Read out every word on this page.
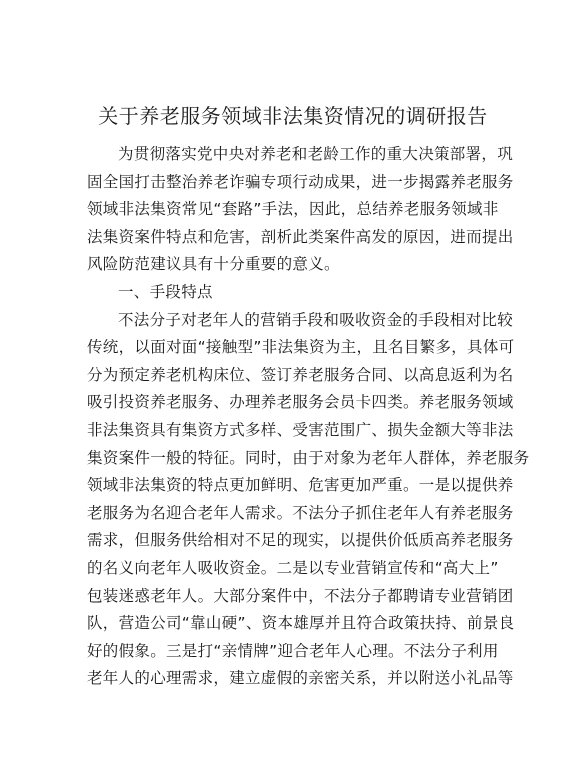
关于养老服务领域非法集资情况的调研报告
为贯彻落实党中央对养老和老龄工作的重大决策部署，巩
固全国打击整治养老诈骗专项行动成果，进一步揭露养老服务
领域非法集资常见“套路”手法，因此，总结养老服务领域非
法集资案件特点和危害，剖析此类案件高发的原因，进而提出
风险防范建议具有十分重要的意义。
一、手段特点
不法分子对老年人的营销手段和吸收资金的手段相对比较
传统，以面对面“接触型”非法集资为主，且名目繁多，具体可
分为预定养老机构床位、签订养老服务合同、以高息返利为名
吸引投资养老服务、办理养老服务会员卡四类。养老服务领域
非法集资具有集资方式多样、受害范围广、损失金额大等非法
集资案件一般的特征。同时，由于对象为老年人群体，养老服务
领域非法集资的特点更加鲜明、危害更加严重。一是以提供养
老服务为名迎合老年人需求。不法分子抓住老年人有养老服务
需求，但服务供给相对不足的现实，以提供价低质高养老服务
的名义向老年人吸收资金。二是以专业营销宣传和“高大上”
包装迷惑老年人。大部分案件中，不法分子都聘请专业营销团
队，营造公司“靠山硬”、资本雄厚并且符合政策扶持、前景良
好的假象。三是打“亲情牌”迎合老年人心理。不法分子利用
老年人的心理需求，建立虚假的亲密关系，并以附送小礼品等
